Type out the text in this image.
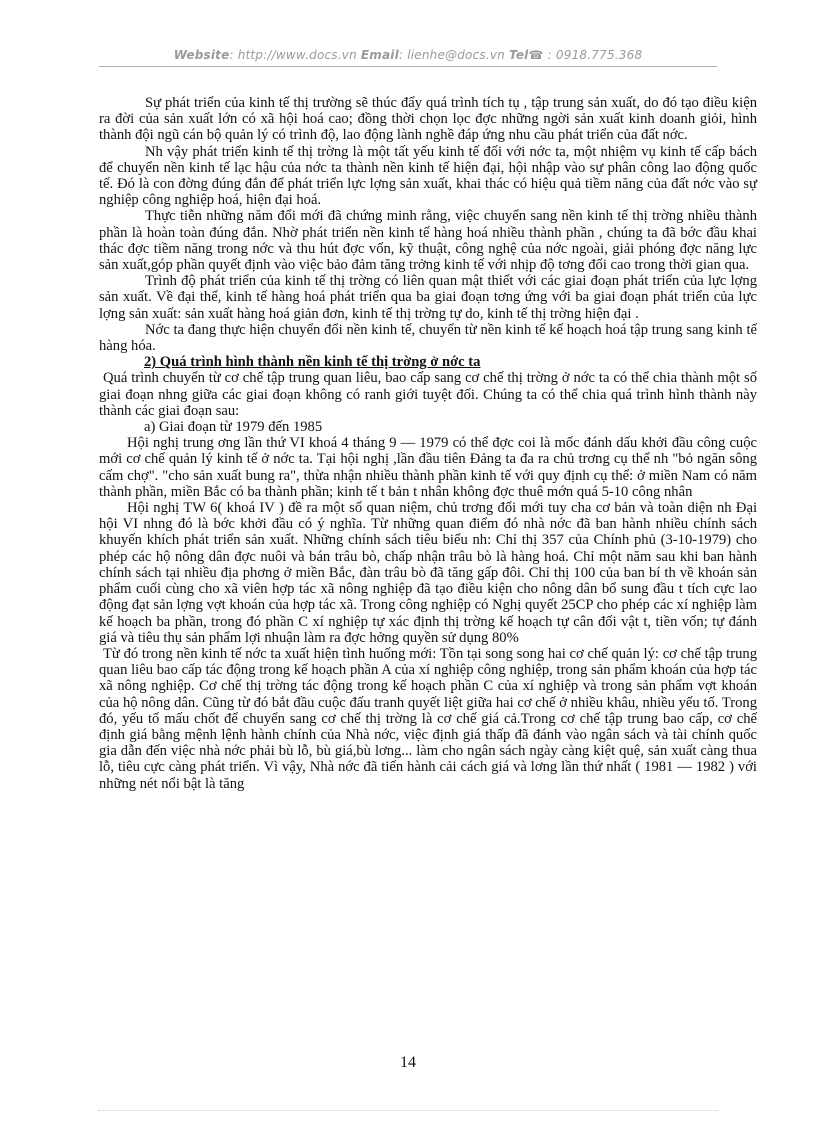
Website: http://www.docs.vn Email: lienhe@docs.vn Tel☎ : 0918.775.368

Sự phát triển của kinh tế thị trường sẽ thúc đẩy quá trình tích tụ , tập trung sản xuất, do đó tạo điều kiện ra đời của sản xuất lớn có xã hội hoá cao; đồng thời chọn lọc đợc những ngời sản xuất kinh doanh giỏi, hình thành đội ngũ cán bộ quản lý có trình độ, lao động lành nghề đáp ứng nhu cầu phát triển của đất nớc.

Nh vậy phát triển kinh tế thị trờng là một tất yếu kinh tế đối với nớc ta, một nhiệm vụ kinh tế cấp bách để chuyển nền kinh tế lạc hậu của nớc ta thành nền kinh tế hiện đại, hội nhập vào sự phân công lao động quốc tế. Đó là con đờng đúng đắn để phát triển lực lợng sản xuất, khai thác có hiệu quả tiềm năng của đất nớc vào sự nghiệp công nghiệp hoá, hiện đại hoá.

Thực tiễn những năm đổi mới đã chứng minh rằng, việc chuyển sang nền kinh tế thị trờng nhiều thành phần là hoàn toàn đúng đắn. Nhờ phát triển nền kinh tế hàng hoá nhiều thành phần , chúng ta đã bớc đầu khai thác đợc tiềm năng trong nớc và thu hút đợc vốn, kỹ thuật, công nghệ của nớc ngoài, giải phóng đợc năng lực sản xuất,góp phần quyết định vào việc bảo đảm tăng trởng kinh tế với nhịp độ tơng đối cao trong thời gian qua.

Trình độ phát triển của kinh tế thị trờng có liên quan mật thiết với các giai đoạn phát triển của lực lợng sản xuất. Về đại thể, kinh tế hàng hoá phát triển qua ba giai đoạn tơng ứng với ba giai đoạn phát triển của lực lợng sản xuất: sản xuất hàng hoá giản đơn, kinh tế thị trờng tự do, kinh tế thị trờng hiện đại .

Nớc ta đang thực hiện chuyển đổi nền kinh tế, chuyển từ nền kinh tế kế hoạch hoá tập trung sang kinh tế hàng hóa.

2) Quá trình hình thành nền kinh tế thị trờng ở nớc ta

Quá trình chuyển từ cơ chế tập trung quan liêu, bao cấp sang cơ chế thị trờng ở nớc ta có thể chia thành một số giai đoạn nhng giữa các giai đoạn không có ranh giới tuyệt đối. Chúng ta có thể chia quá trình hình thành này thành các giai đoạn sau:

a) Giai đoạn từ 1979 đến 1985

Hội nghị trung ơng lần thứ VI khoá 4 tháng 9 — 1979 có thể đợc coi là mốc đánh dấu khởi đầu công cuộc mới cơ chế quản lý kinh tế ở nớc ta. Tại hội nghị ,lần đầu tiên Đảng ta đa ra chủ trơng cụ thể nh "bỏ ngăn sông cấm chợ". "cho sản xuất bung ra", thừa nhận nhiều thành phần kinh tế với quy định cụ thể: ở miền Nam có năm thành phần, miền Bắc có ba thành phần; kinh tế t bản t nhân không đợc thuê mớn quá 5-10 công nhân

Hội nghị TW 6( khoá IV ) đề ra một số quan niệm, chủ trơng đổi mới tuy cha cơ bản và toàn diện nh Đại hội VI nhng đó là bớc khởi đầu có ý nghĩa. Từ những quan điểm đó nhà nớc đã ban hành nhiều chính sách khuyến khích phát triển sản xuất. Những chính sách tiêu biểu nh: Chỉ thị 357 của Chính phủ (3-10-1979) cho phép các hộ nông dân đợc nuôi và bán trâu bò, chấp nhận trâu bò là hàng hoá. Chỉ một năm sau khi ban hành chính sách tại nhiều địa phơng ở miền Bắc, đàn trâu bò đã tăng gấp đôi. Chỉ thị 100 của ban bí th về khoán sản phẩm cuối cùng cho xã viên hợp tác xã nông nghiệp đã tạo điều kiện cho nông dân bổ sung đầu t tích cực lao động đạt sản lợng vợt khoán của hợp tác xã. Trong công nghiệp có Nghị quyết 25CP cho phép các xí nghiệp làm kế hoạch ba phần, trong đó phần C xí nghiệp tự xác định thị trờng kế hoạch tự cân đối vật t, tiền vốn; tự đánh giá và tiêu thụ sản phẩm lợi nhuận làm ra đợc hởng quyền sử dụng 80%

Từ đó trong nền kinh tế nớc ta xuất hiện tình huống mới: Tồn tại song song hai cơ chế quản lý: cơ chế tập trung quan liêu bao cấp tác động trong kế hoạch phần A của xí nghiệp công nghiệp, trong sản phẩm khoán của hợp tác xã nông nghiệp. Cơ chế thị trờng tác động trong kế hoạch phần C của xí nghiệp và trong sản phẩm vợt khoán của hộ nông dân. Cũng từ đó bắt đầu cuộc đấu tranh quyết liệt giữa hai cơ chế ở nhiều khâu, nhiều yếu tố. Trong đó, yếu tố mấu chốt để chuyển sang cơ chế thị trờng là cơ chế giá cả.Trong cơ chế tập trung bao cấp, cơ chế định giá bằng mệnh lệnh hành chính của Nhà nớc, việc định giá thấp đã đánh vào ngân sách và tài chính quốc gia dẫn đến việc nhà nớc phải bù lỗ, bù giá,bù lơng... làm cho ngân sách ngày càng kiệt quệ, sản xuất càng thua lỗ, tiêu cực càng phát triển. Vì vậy, Nhà nớc đã tiến hành cải cách giá và lơng lần thứ nhất ( 1981 — 1982 ) với những nét nổi bật là tăng

14
